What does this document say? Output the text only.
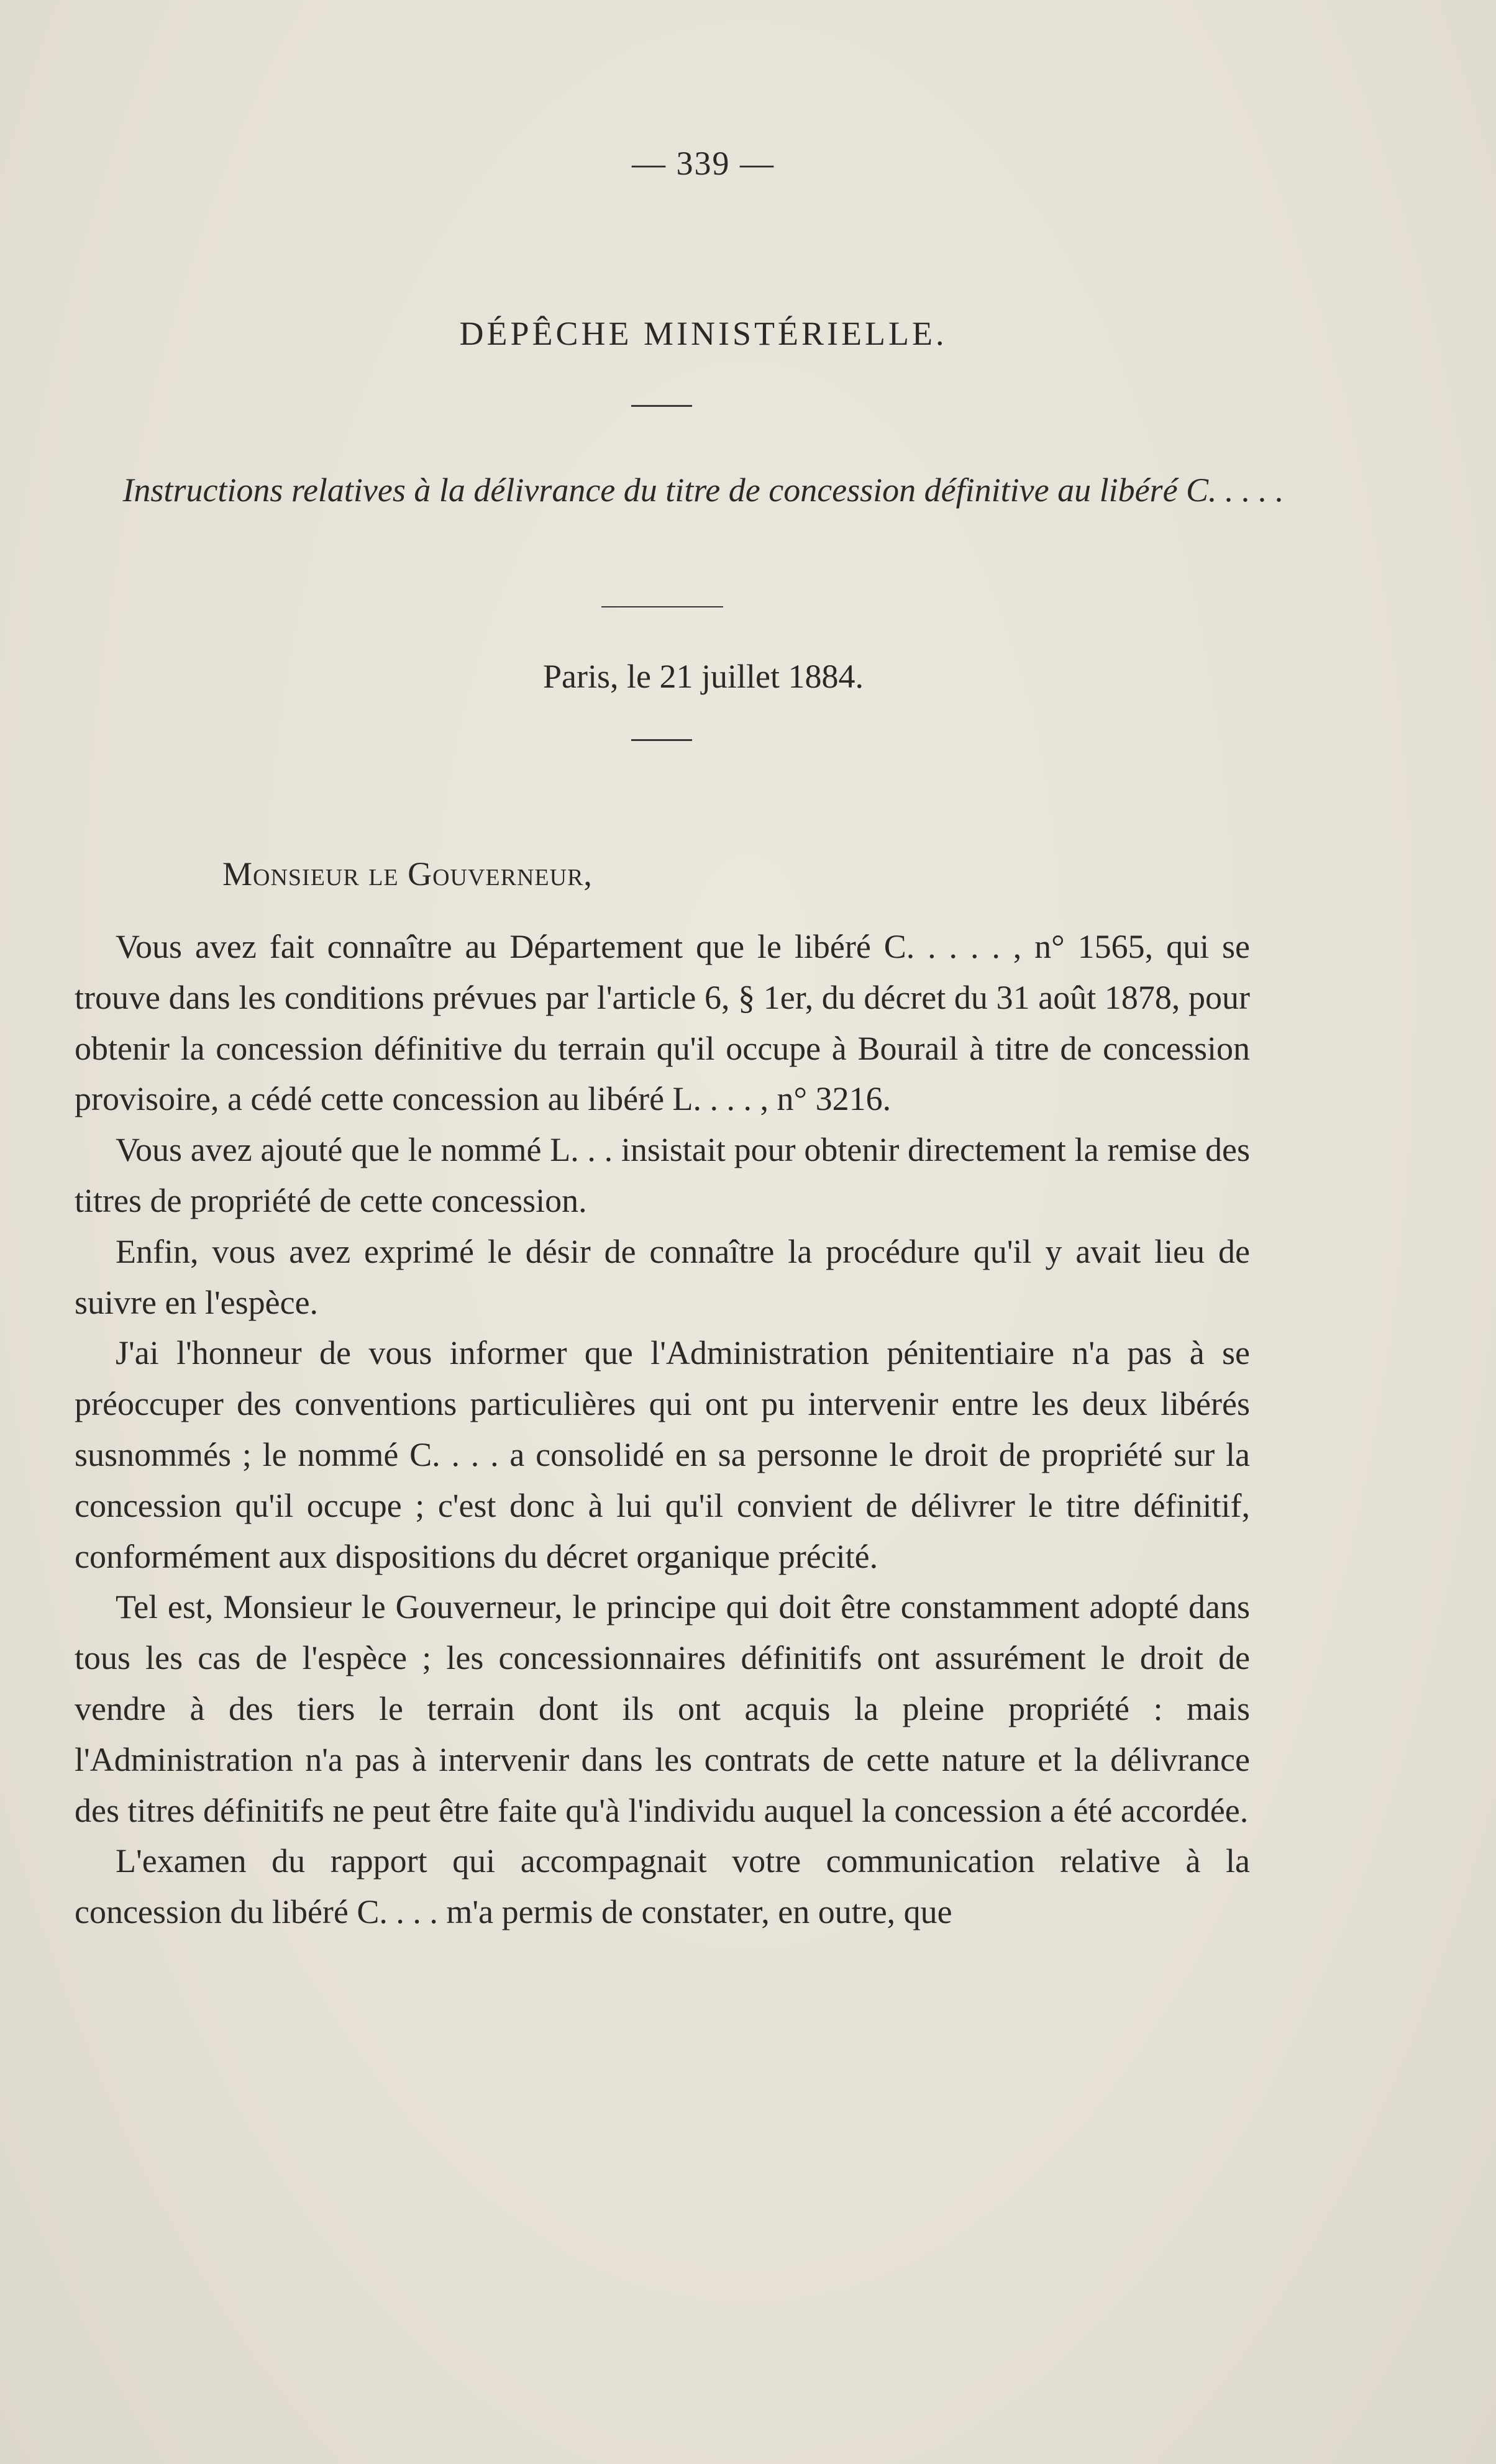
— 339 —
DÉPÊCHE MINISTÉRIELLE.
Instructions relatives à la délivrance du titre de concession définitive au libéré C. . . . .
Paris, le 21 juillet 1884.
Monsieur le Gouverneur,

Vous avez fait connaître au Département que le libéré C. . . . . , n° 1565, qui se trouve dans les conditions prévues par l'article 6, § 1er, du décret du 31 août 1878, pour obtenir la concession définitive du terrain qu'il occupe à Bourail à titre de concession provisoire, a cédé cette concession au libéré L. . . . , n° 3216.

Vous avez ajouté que le nommé L. . . insistait pour obtenir directement la remise des titres de propriété de cette concession.

Enfin, vous avez exprimé le désir de connaître la procédure qu'il y avait lieu de suivre en l'espèce.

J'ai l'honneur de vous informer que l'Administration pénitentiaire n'a pas à se préoccuper des conventions particulières qui ont pu intervenir entre les deux libérés susnommés ; le nommé C. . . . a consolidé en sa personne le droit de propriété sur la concession qu'il occupe ; c'est donc à lui qu'il convient de délivrer le titre définitif, conformément aux dispositions du décret organique précité.

Tel est, Monsieur le Gouverneur, le principe qui doit être constamment adopté dans tous les cas de l'espèce ; les concessionnaires définitifs ont assurément le droit de vendre à des tiers le terrain dont ils ont acquis la pleine propriété : mais l'Administration n'a pas à intervenir dans les contrats de cette nature et la délivrance des titres définitifs ne peut être faite qu'à l'individu auquel la concession a été accordée.

L'examen du rapport qui accompagnait votre communication relative à la concession du libéré C. . . . m'a permis de constater, en outre, que
